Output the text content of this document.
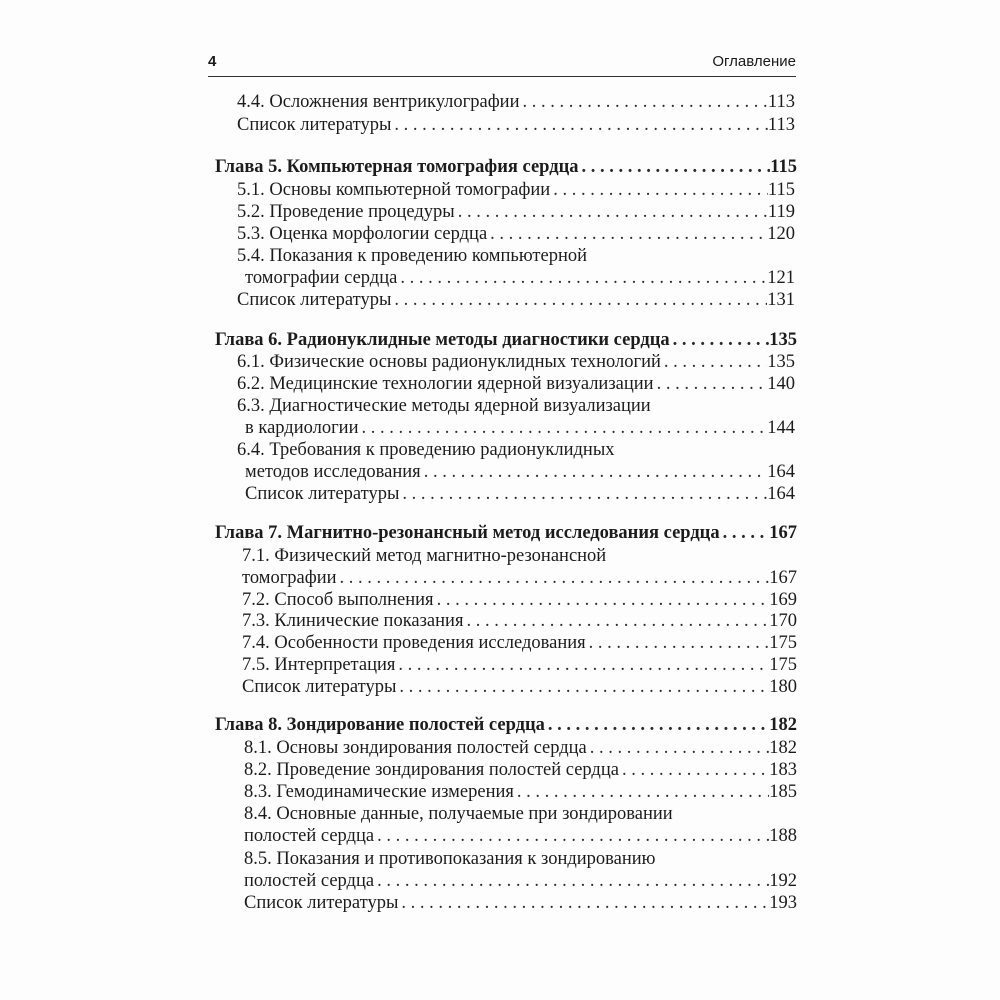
4	Оглавление
4.4. Осложнения вентрикулографии . . .	113
Список литературы . . .	113
Глава 5. Компьютерная томография сердца . . .	115
5.1. Основы компьютерной томографии . . .	115
5.2. Проведение процедуры . . .	119
5.3. Оценка морфологии сердца . . .	120
5.4. Показания к проведению компьютерной
томографии сердца . . .	121
Список литературы . . .	131
Глава 6. Радионуклидные методы диагностики сердца . . .	135
6.1. Физические основы радионуклидных технологий . . .	135
6.2. Медицинские технологии ядерной визуализации . . .	140
6.3. Диагностические методы ядерной визуализации
в кардиологии . . .	144
6.4. Требования к проведению радионуклидных
методов исследования . . .	164
Список литературы . . .	164
Глава 7. Магнитно-резонансный метод исследования сердца . . .	167
7.1. Физический метод магнитно-резонансной
томографии . . .	167
7.2. Способ выполнения . . .	169
7.3. Клинические показания . . .	170
7.4. Особенности проведения исследования . . .	175
7.5. Интерпретация . . .	175
Список литературы . . .	180
Глава 8. Зондирование полостей сердца . . .	182
8.1. Основы зондирования полостей сердца . . .	182
8.2. Проведение зондирования полостей сердца . . .	183
8.3. Гемодинамические измерения . . .	185
8.4. Основные данные, получаемые при зондировании
полостей сердца . . .	188
8.5. Показания и противопоказания к зондированию
полостей сердца . . .	192
Список литературы . . .	193
